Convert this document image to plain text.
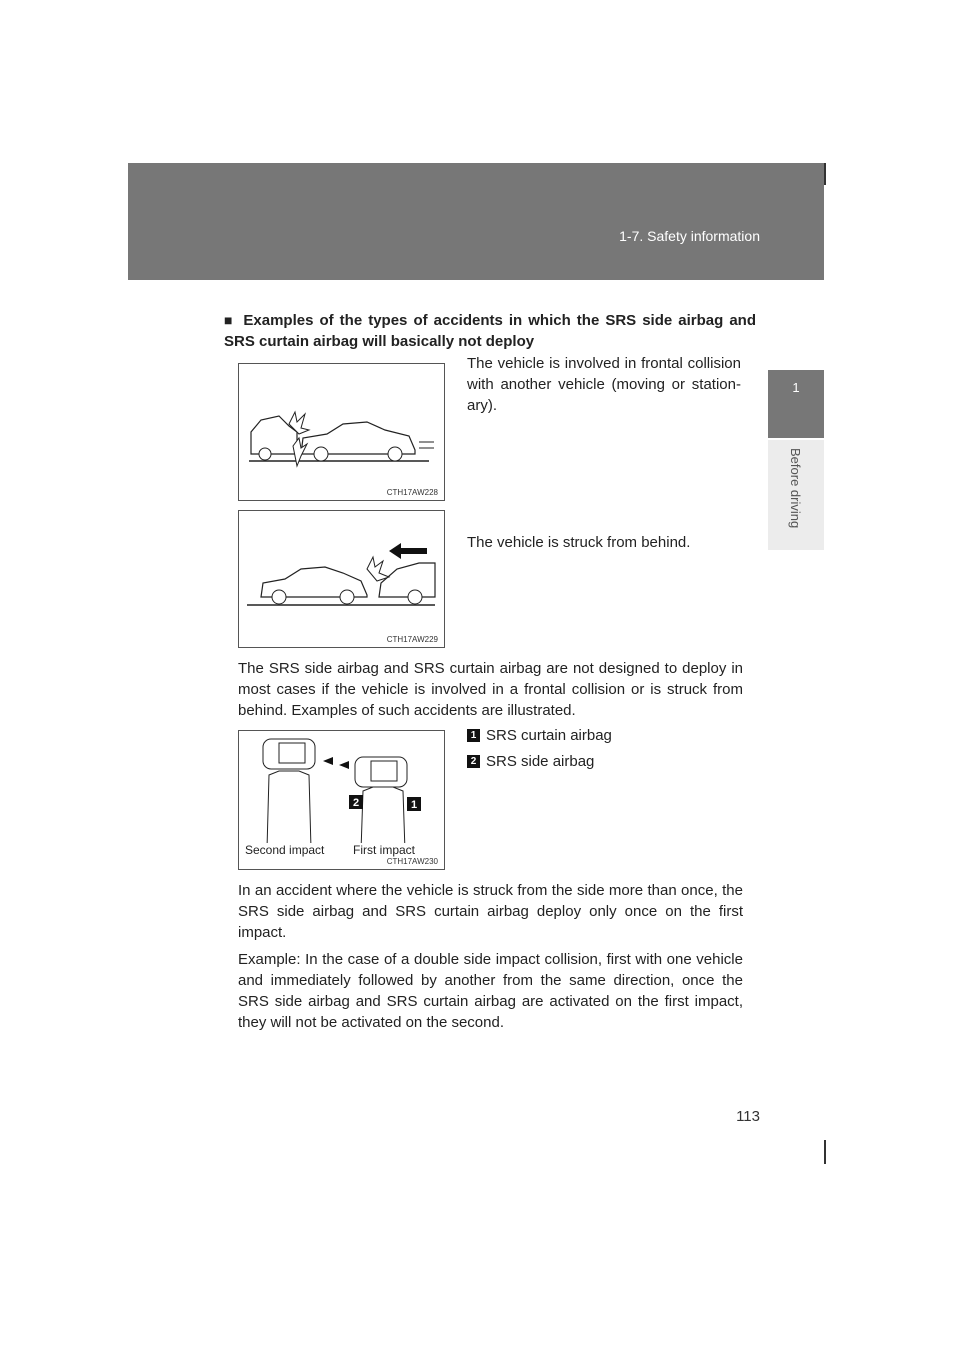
1-7. Safety information
1
Before driving
■ Examples of the types of accidents in which the SRS side airbag and SRS curtain airbag will basically not deploy
CTH17AW228
The vehicle is involved in frontal collision with another vehicle (moving or station-ary).
CTH17AW229
The vehicle is struck from behind.
The SRS side airbag and SRS curtain airbag are not designed to deploy in most cases if the vehicle is involved in a frontal collision or is struck from behind. Examples of such accidents are illustrated.
2	1
Second impact First impact
CTH17AW230
1 SRS curtain airbag
2 SRS side airbag
In an accident where the vehicle is struck from the side more than once, the SRS side airbag and SRS curtain airbag deploy only once on the first impact.
Example: In the case of a double side impact collision, first with one vehicle and immediately followed by another from the same direction, once the SRS side airbag and SRS curtain airbag are activated on the first impact, they will not be activated on the second.
113
